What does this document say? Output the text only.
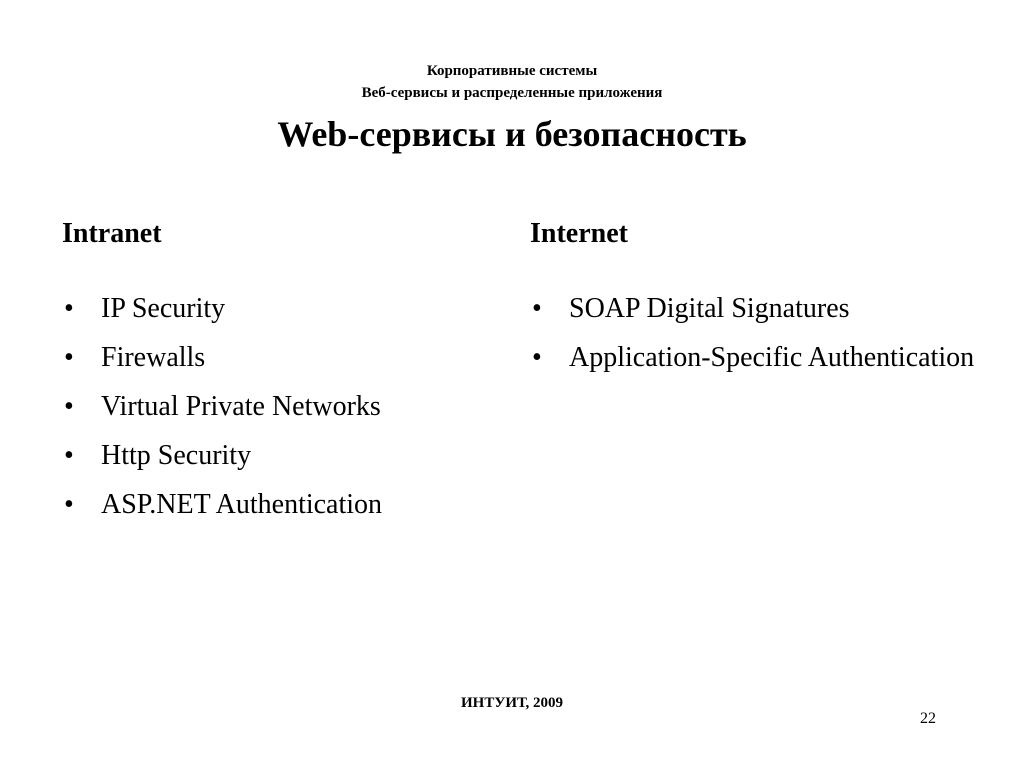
Корпоративные системы
Веб-сервисы и распределенные приложения
Web-сервисы и безопасность
Intranet
• IP Security
• Firewalls
• Virtual Private Networks
• Http Security
• ASP.NET Authentication
Internet
• SOAP Digital Signatures
• Application-Specific Authentication
ИНТУИТ, 2009
22
